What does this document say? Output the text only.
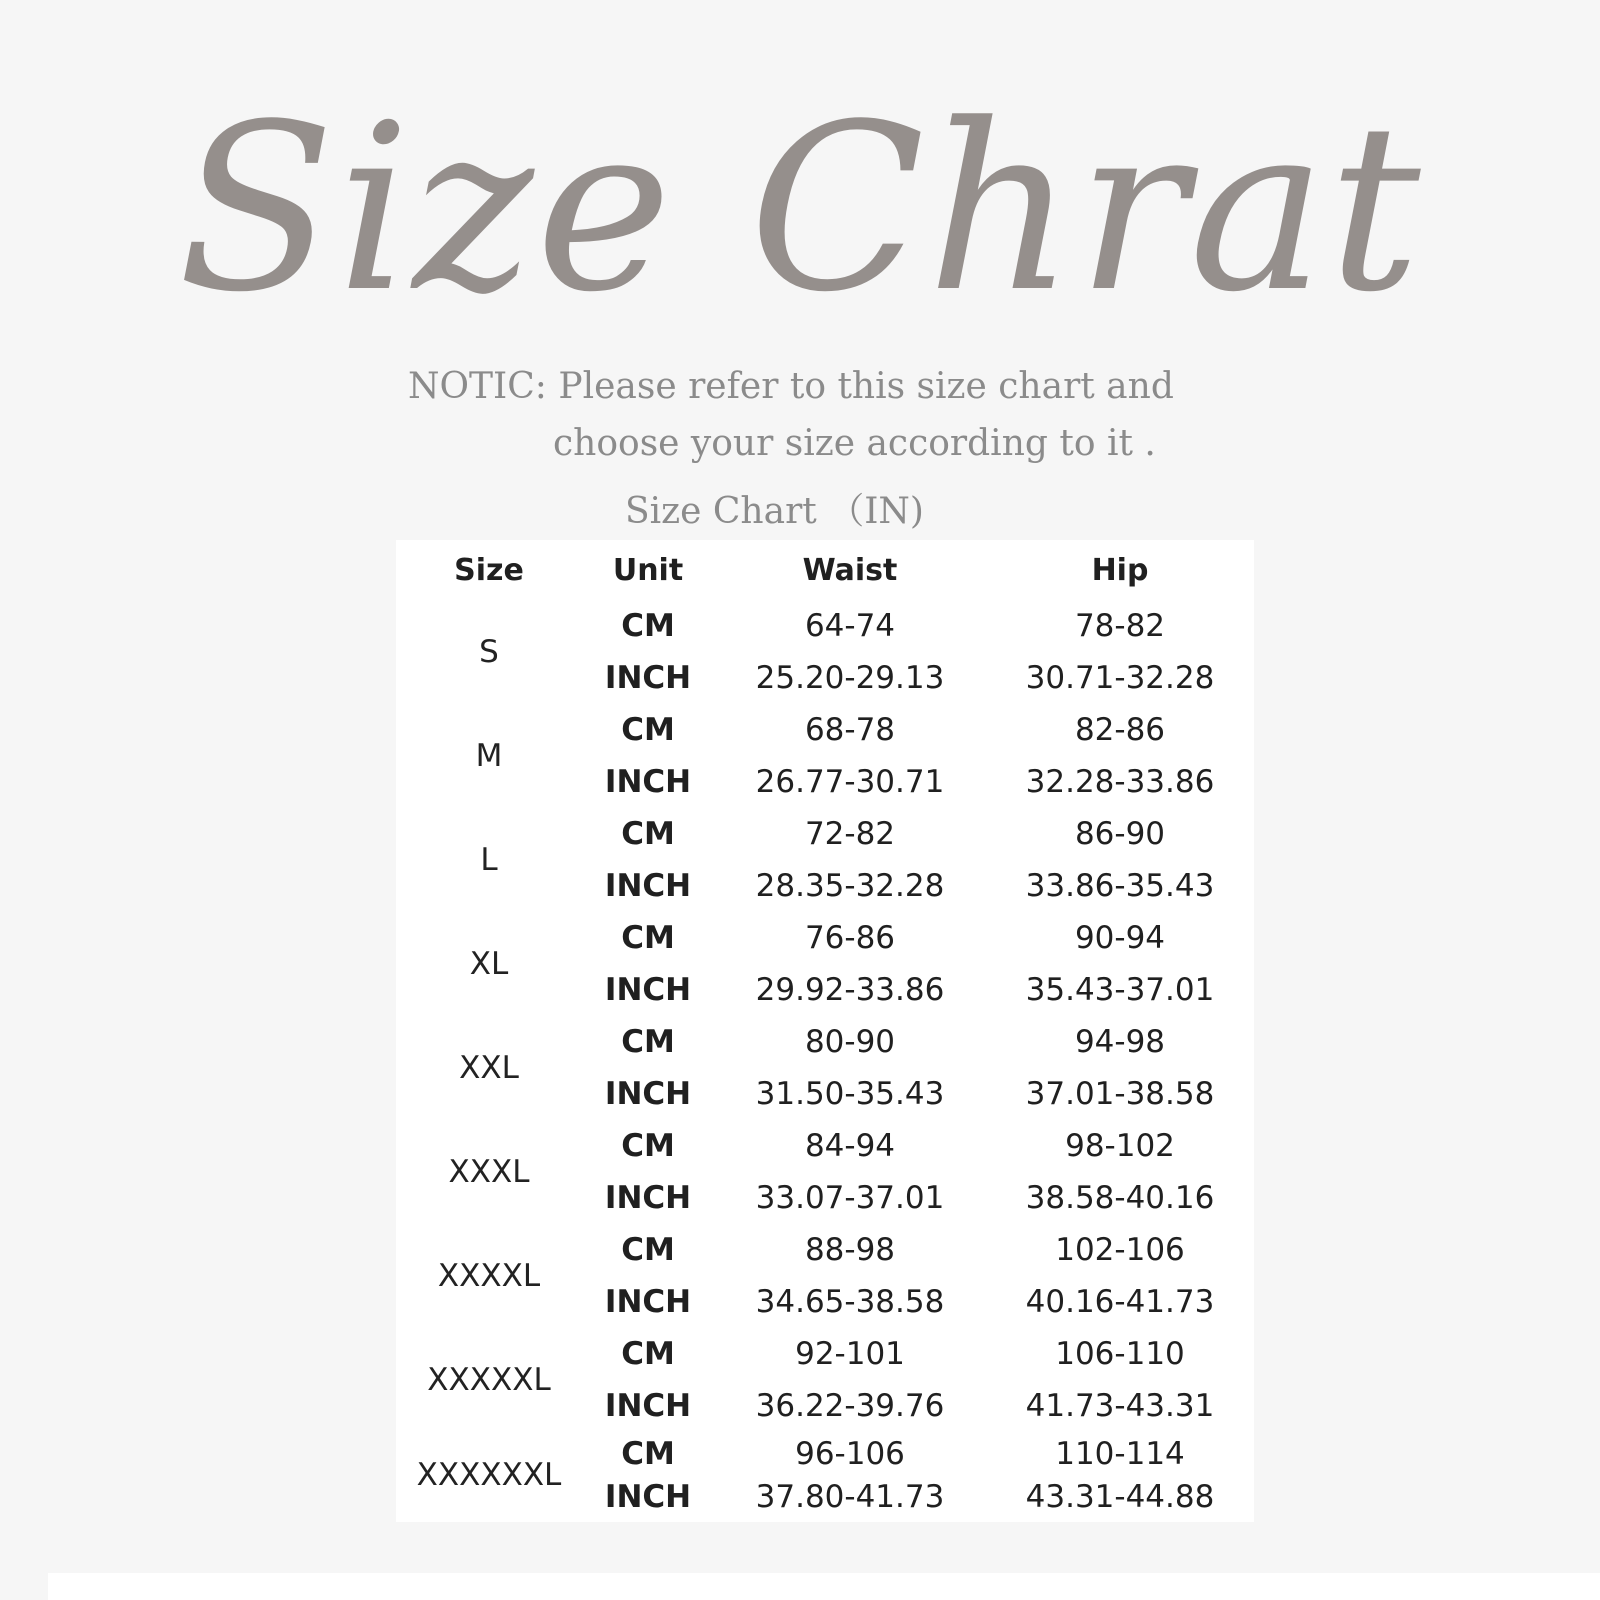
Size Chrat
NOTIC: Please refer to this size chart and
choose your size according to it .
Size Chart （IN)
Size	Unit	Waist	Hip
S	CM	64-74	78-82
	INCH	25.20-29.13	30.71-32.28
M	CM	68-78	82-86
	INCH	26.77-30.71	32.28-33.86
L	CM	72-82	86-90
	INCH	28.35-32.28	33.86-35.43
XL	CM	76-86	90-94
	INCH	29.92-33.86	35.43-37.01
XXL	CM	80-90	94-98
	INCH	31.50-35.43	37.01-38.58
XXXL	CM	84-94	98-102
	INCH	33.07-37.01	38.58-40.16
XXXXL	CM	88-98	102-106
	INCH	34.65-38.58	40.16-41.73
XXXXXL	CM	92-101	106-110
	INCH	36.22-39.76	41.73-43.31
XXXXXXL	CM	96-106	110-114
	INCH	37.80-41.73	43.31-44.88
